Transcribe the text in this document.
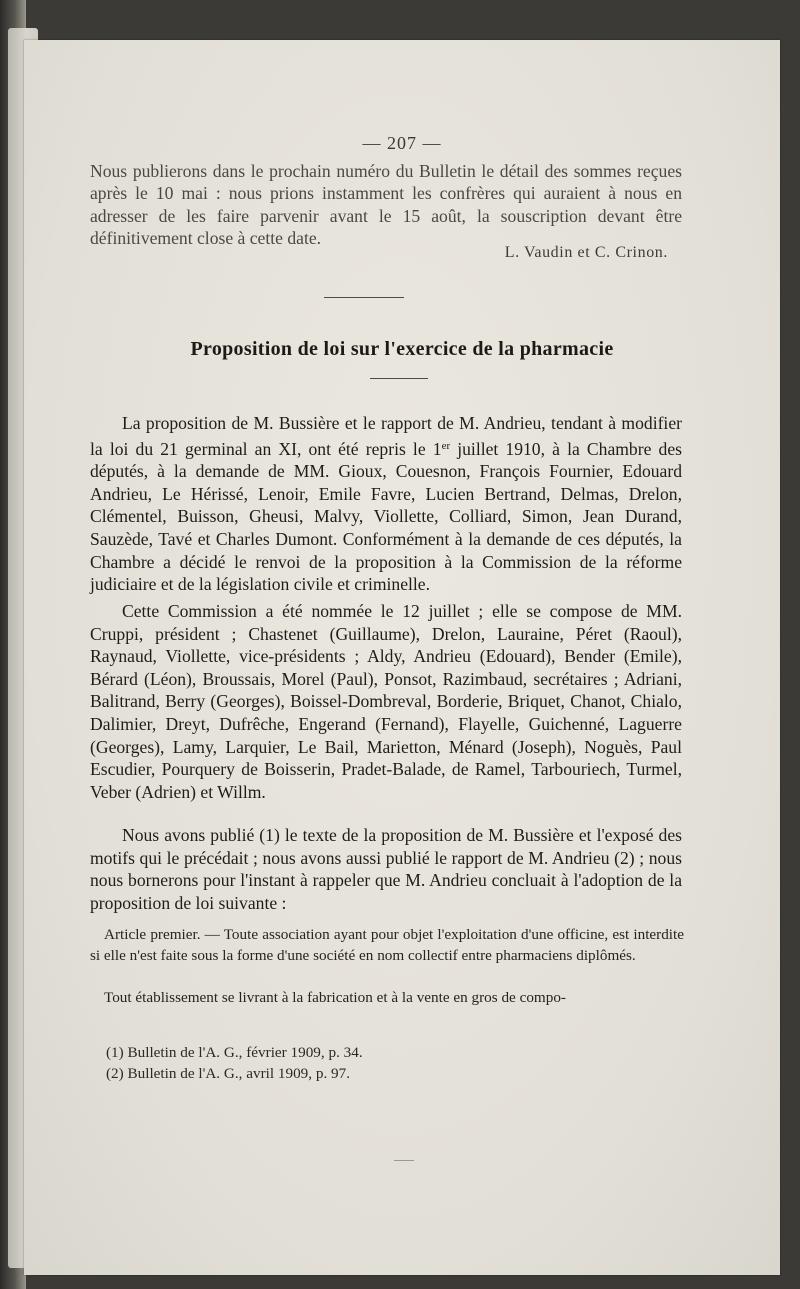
— 207 —
Nous publierons dans le prochain numéro du Bulletin le détail des sommes reçues après le 10 mai : nous prions instamment les confrères qui auraient à nous en adresser de les faire parvenir avant le 15 août, la souscription devant être définitivement close à cette date.
L. Vaudin et C. Crinon.
Proposition de loi sur l'exercice de la pharmacie
La proposition de M. Bussière et le rapport de M. Andrieu, tendant à modifier la loi du 21 germinal an XI, ont été repris le 1er juillet 1910, à la Chambre des députés, à la demande de MM. Gioux, Couesnon, François Fournier, Edouard Andrieu, Le Hérissé, Lenoir, Emile Favre, Lucien Bertrand, Delmas, Drelon, Clémentel, Buisson, Gheusi, Malvy, Viollette, Colliard, Simon, Jean Durand, Sauzède, Tavé et Charles Dumont. Conformément à la demande de ces députés, la Chambre a décidé le renvoi de la proposition à la Commission de la réforme judiciaire et de la législation civile et criminelle.
Cette Commission a été nommée le 12 juillet ; elle se compose de MM. Cruppi, président ; Chastenet (Guillaume), Drelon, Lauraine, Péret (Raoul), Raynaud, Viollette, vice-présidents ; Aldy, Andrieu (Edouard), Bender (Emile), Bérard (Léon), Broussais, Morel (Paul), Ponsot, Razimbaud, secrétaires ; Adriani, Balitrand, Berry (Georges), Boissel-Dombreval, Borderie, Briquet, Chanot, Chialo, Dalimier, Dreyt, Dufrêche, Engerand (Fernand), Flayelle, Guichenné, Laguerre (Georges), Lamy, Larquier, Le Bail, Marietton, Ménard (Joseph), Noguès, Paul Escudier, Pourquery de Boisserin, Pradet-Balade, de Ramel, Tarbouriech, Turmel, Veber (Adrien) et Willm.
Nous avons publié (1) le texte de la proposition de M. Bussière et l'exposé des motifs qui le précédait ; nous avons aussi publié le rapport de M. Andrieu (2) ; nous nous bornerons pour l'instant à rappeler que M. Andrieu concluait à l'adoption de la proposition de loi suivante :
Article premier. — Toute association ayant pour objet l'exploitation d'une officine, est interdite si elle n'est faite sous la forme d'une société en nom collectif entre pharmaciens diplômés.
Tout établissement se livrant à la fabrication et à la vente en gros de compo-
(1) Bulletin de l'A. G., février 1909, p. 34.
(2) Bulletin de l'A. G., avril 1909, p. 97.
